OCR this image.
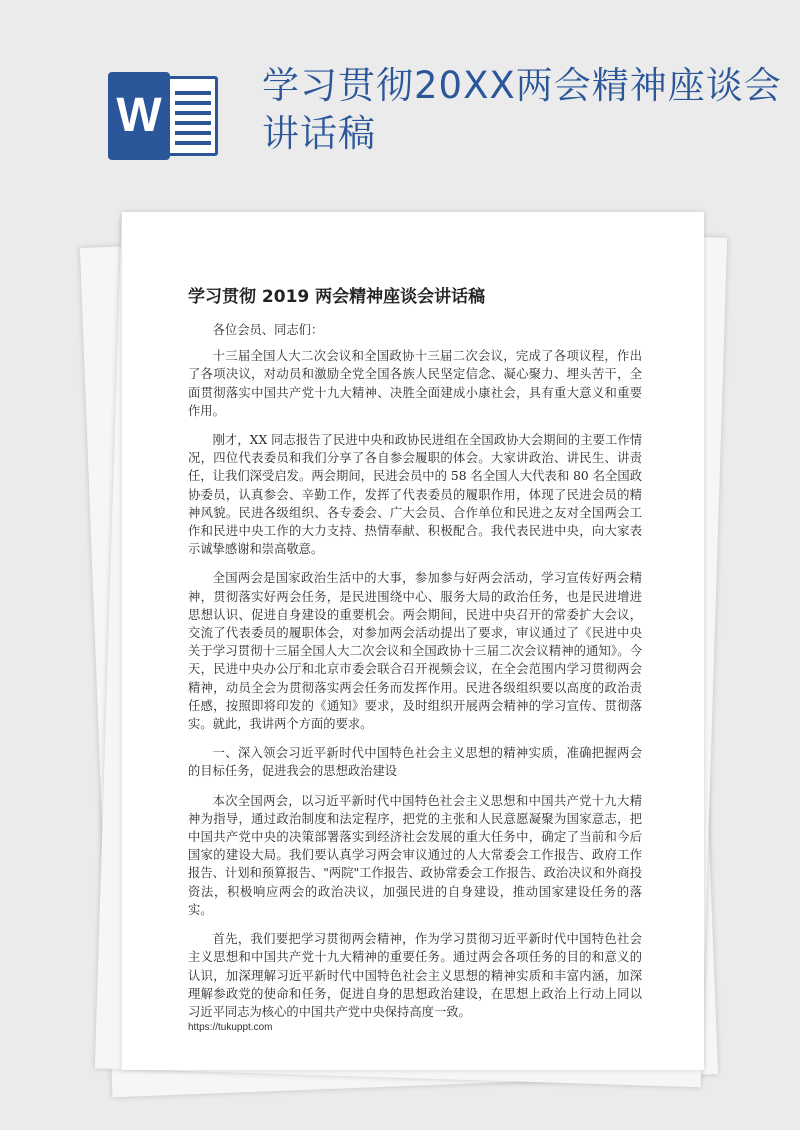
W
学习贯彻20XX两会精神座谈会讲话稿
学习贯彻 2019 两会精神座谈会讲话稿

各位会员、同志们：

十三届全国人大二次会议和全国政协十三届二次会议，完成了各项议程，作出了各项决议，对动员和激励全党全国各族人民坚定信念、凝心聚力、埋头苦干，全面贯彻落实中国共产党十九大精神、决胜全面建成小康社会，具有重大意义和重要作用。

刚才，XX 同志报告了民进中央和政协民进组在全国政协大会期间的主要工作情况，四位代表委员和我们分享了各自参会履职的体会。大家讲政治、讲民生、讲责任，让我们深受启发。两会期间，民进会员中的 58 名全国人大代表和 80 名全国政协委员，认真参会、辛勤工作，发挥了代表委员的履职作用，体现了民进会员的精神风貌。民进各级组织、各专委会、广大会员、合作单位和民进之友对全国两会工作和民进中央工作的大力支持、热情奉献、积极配合。我代表民进中央，向大家表示诚挚感谢和崇高敬意。

全国两会是国家政治生活中的大事，参加参与好两会活动，学习宣传好两会精神，贯彻落实好两会任务，是民进围绕中心、服务大局的政治任务，也是民进增进思想认识、促进自身建设的重要机会。两会期间，民进中央召开的常委扩大会议，交流了代表委员的履职体会，对参加两会活动提出了要求，审议通过了《民进中央关于学习贯彻十三届全国人大二次会议和全国政协十三届二次会议精神的通知》。今天，民进中央办公厅和北京市委会联合召开视频会议，在全会范围内学习贯彻两会精神，动员全会为贯彻落实两会任务而发挥作用。民进各级组织要以高度的政治责任感，按照即将印发的《通知》要求，及时组织开展两会精神的学习宣传、贯彻落实。就此，我讲两个方面的要求。

一、深入领会习近平新时代中国特色社会主义思想的精神实质，准确把握两会的目标任务，促进我会的思想政治建设

本次全国两会，以习近平新时代中国特色社会主义思想和中国共产党十九大精神为指导，通过政治制度和法定程序，把党的主张和人民意愿凝聚为国家意志，把中国共产党中央的决策部署落实到经济社会发展的重大任务中，确定了当前和今后国家的建设大局。我们要认真学习两会审议通过的人大常委会工作报告、政府工作报告、计划和预算报告、"两院"工作报告、政协常委会工作报告、政治决议和外商投资法，积极响应两会的政治决议，加强民进的自身建设，推动国家建设任务的落实。

首先，我们要把学习贯彻两会精神，作为学习贯彻习近平新时代中国特色社会主义思想和中国共产党十九大精神的重要任务。通过两会各项任务的目的和意义的认识，加深理解习近平新时代中国特色社会主义思想的精神实质和丰富内涵，加深理解参政党的使命和任务，促进自身的思想政治建设，在思想上政治上行动上同以习近平同志为核心的中国共产党中央保持高度一致。

https://tukuppt.com
